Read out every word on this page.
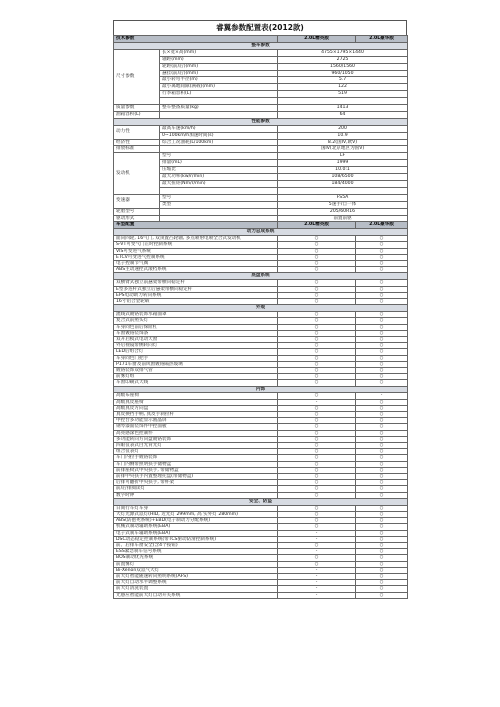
睿翼参数配置表(2012款)
技术参数		2.0L精英版	2.0L豪华版
整车参数			
尺寸参数	长×宽×高(mm)	4755×1795×1440	
	轴距(mm)	2725	
	轮距(前/后)(mm)	1560/1560	
	悬挂(前/后)(mm)	960/1050	
	最小转弯半径(m)	5.7	
	最小离地间隙(满载)(mm)	122	
	行李箱容积(L)	519	

质量参数	整车整备质量(kg)	1413	
油箱容积(L)		64	
性能参数			
动力性	最高车速(km/h)	200	
	0~100km/h加速时间(s)	10.9	
经济性	综合工况油耗(L/100km)	8.2(国IV,欧V)	
排放标准		国IV(北京地区为国V)	
发动机	型号	LF	
	排量(mL)	1999	
	压缩比	10.0:1	
	最大功率(kw/r/min)	108/6500	
	最大扭矩(Nm/r/min)	184/4000	

变速器	型号	FS5A	
	类型	5速手/自一体	
轮胎型号		205/60R16	
驱动形式		前置前驱	
车型配置		2.0L精英版	2.0L豪华版
动力总成系统			
面向四轮, 16气门, 双顶置凸轮轴, 多点喷射电喷全合式发动机		○	○
S-VT可变气门正时控制系统		○	○
VIS可变进气系统		○	○
ETCV可变进气控制系统		○	○
电子控制节气阀		○	○
ABS主动速控式滚档系统		○	○
底盘系统			
双横臂式独立前悬架带横向稳定杆		○	○
E型多连杆式独立后悬架带横向稳定杆		○	○
EPS电动助力转向系统		○	○
16寸铝合金轮毂		○	○
外观			
流线式镀铬装饰水箱面罩		○	○
复合式前照头灯		○	○
车身同色前后保险杠		○	○
车窗镀铬装饰条		○	○
双开启模式电动天窗		○	○
外后视镜带侧转向灯		○	○
LED后组合灯		○	○
车身同色门把手		○	○
P171车窗及前风窗镀铬隔热玻璃		○	○
镀铬装饰双排气管		○	○
前雾灯组		○	○
车窗印刷式天线		○	○
内饰			
高级布座椅		○	-
高级真皮座椅		-	○
高级真皮方向盘		○	○
真皮换挡手柄, 真皮手刹拉杆		○	○
中控台多功能显示液晶屏		○	○
钢琴漆面装饰件中控面板		○	○
高亮感深色控制件		○	○
多功能转向方向盘镀铬装饰		○	○
四眼仪表式白光背光灯		○	○
组合仪表灯		○	○
车门内拉手镀铬装饰		○	○
车门内侧带照明扶手储物盒		○	○
前排座椅式中央扶手, 带储物盒		○	○
前排中央扶手内置整理托盘(带储物盒)		○	○
后排可翻折中央扶手, 带杯架		○	○
前/后排阅读灯		○	○
数字时钟		○	○
安全、防盗			
日间行车灯车身		○	○
大灯光源式氙灯(HID, 近光灯 299mm, 高 实外灯 280mm)		○	○
ABS(防抱死系统)+EBD(电子制动力分配系统)		○	○
机械式制动辅助系统(EBA)		○	○
电子式刹车辅助系统(EBA)		-	○
DSC动态稳定控制系统(带TCS驱动防滑控制系统)		-	○
前、后排车窗安全(含4个按钮)		○	○
ESS紧急刹车信号系统		-	○
BOS制动优先系统		○	○
前置雾灯		○	○
Bi-Xenon双氙气大灯		-	○
前大灯智能随速转向照明系统(AFS)		-	○
前大灯自动水平调整系统		-	○
前大灯清洗装置		-	○
光感应智能前大灯自动开关系统		-	○
